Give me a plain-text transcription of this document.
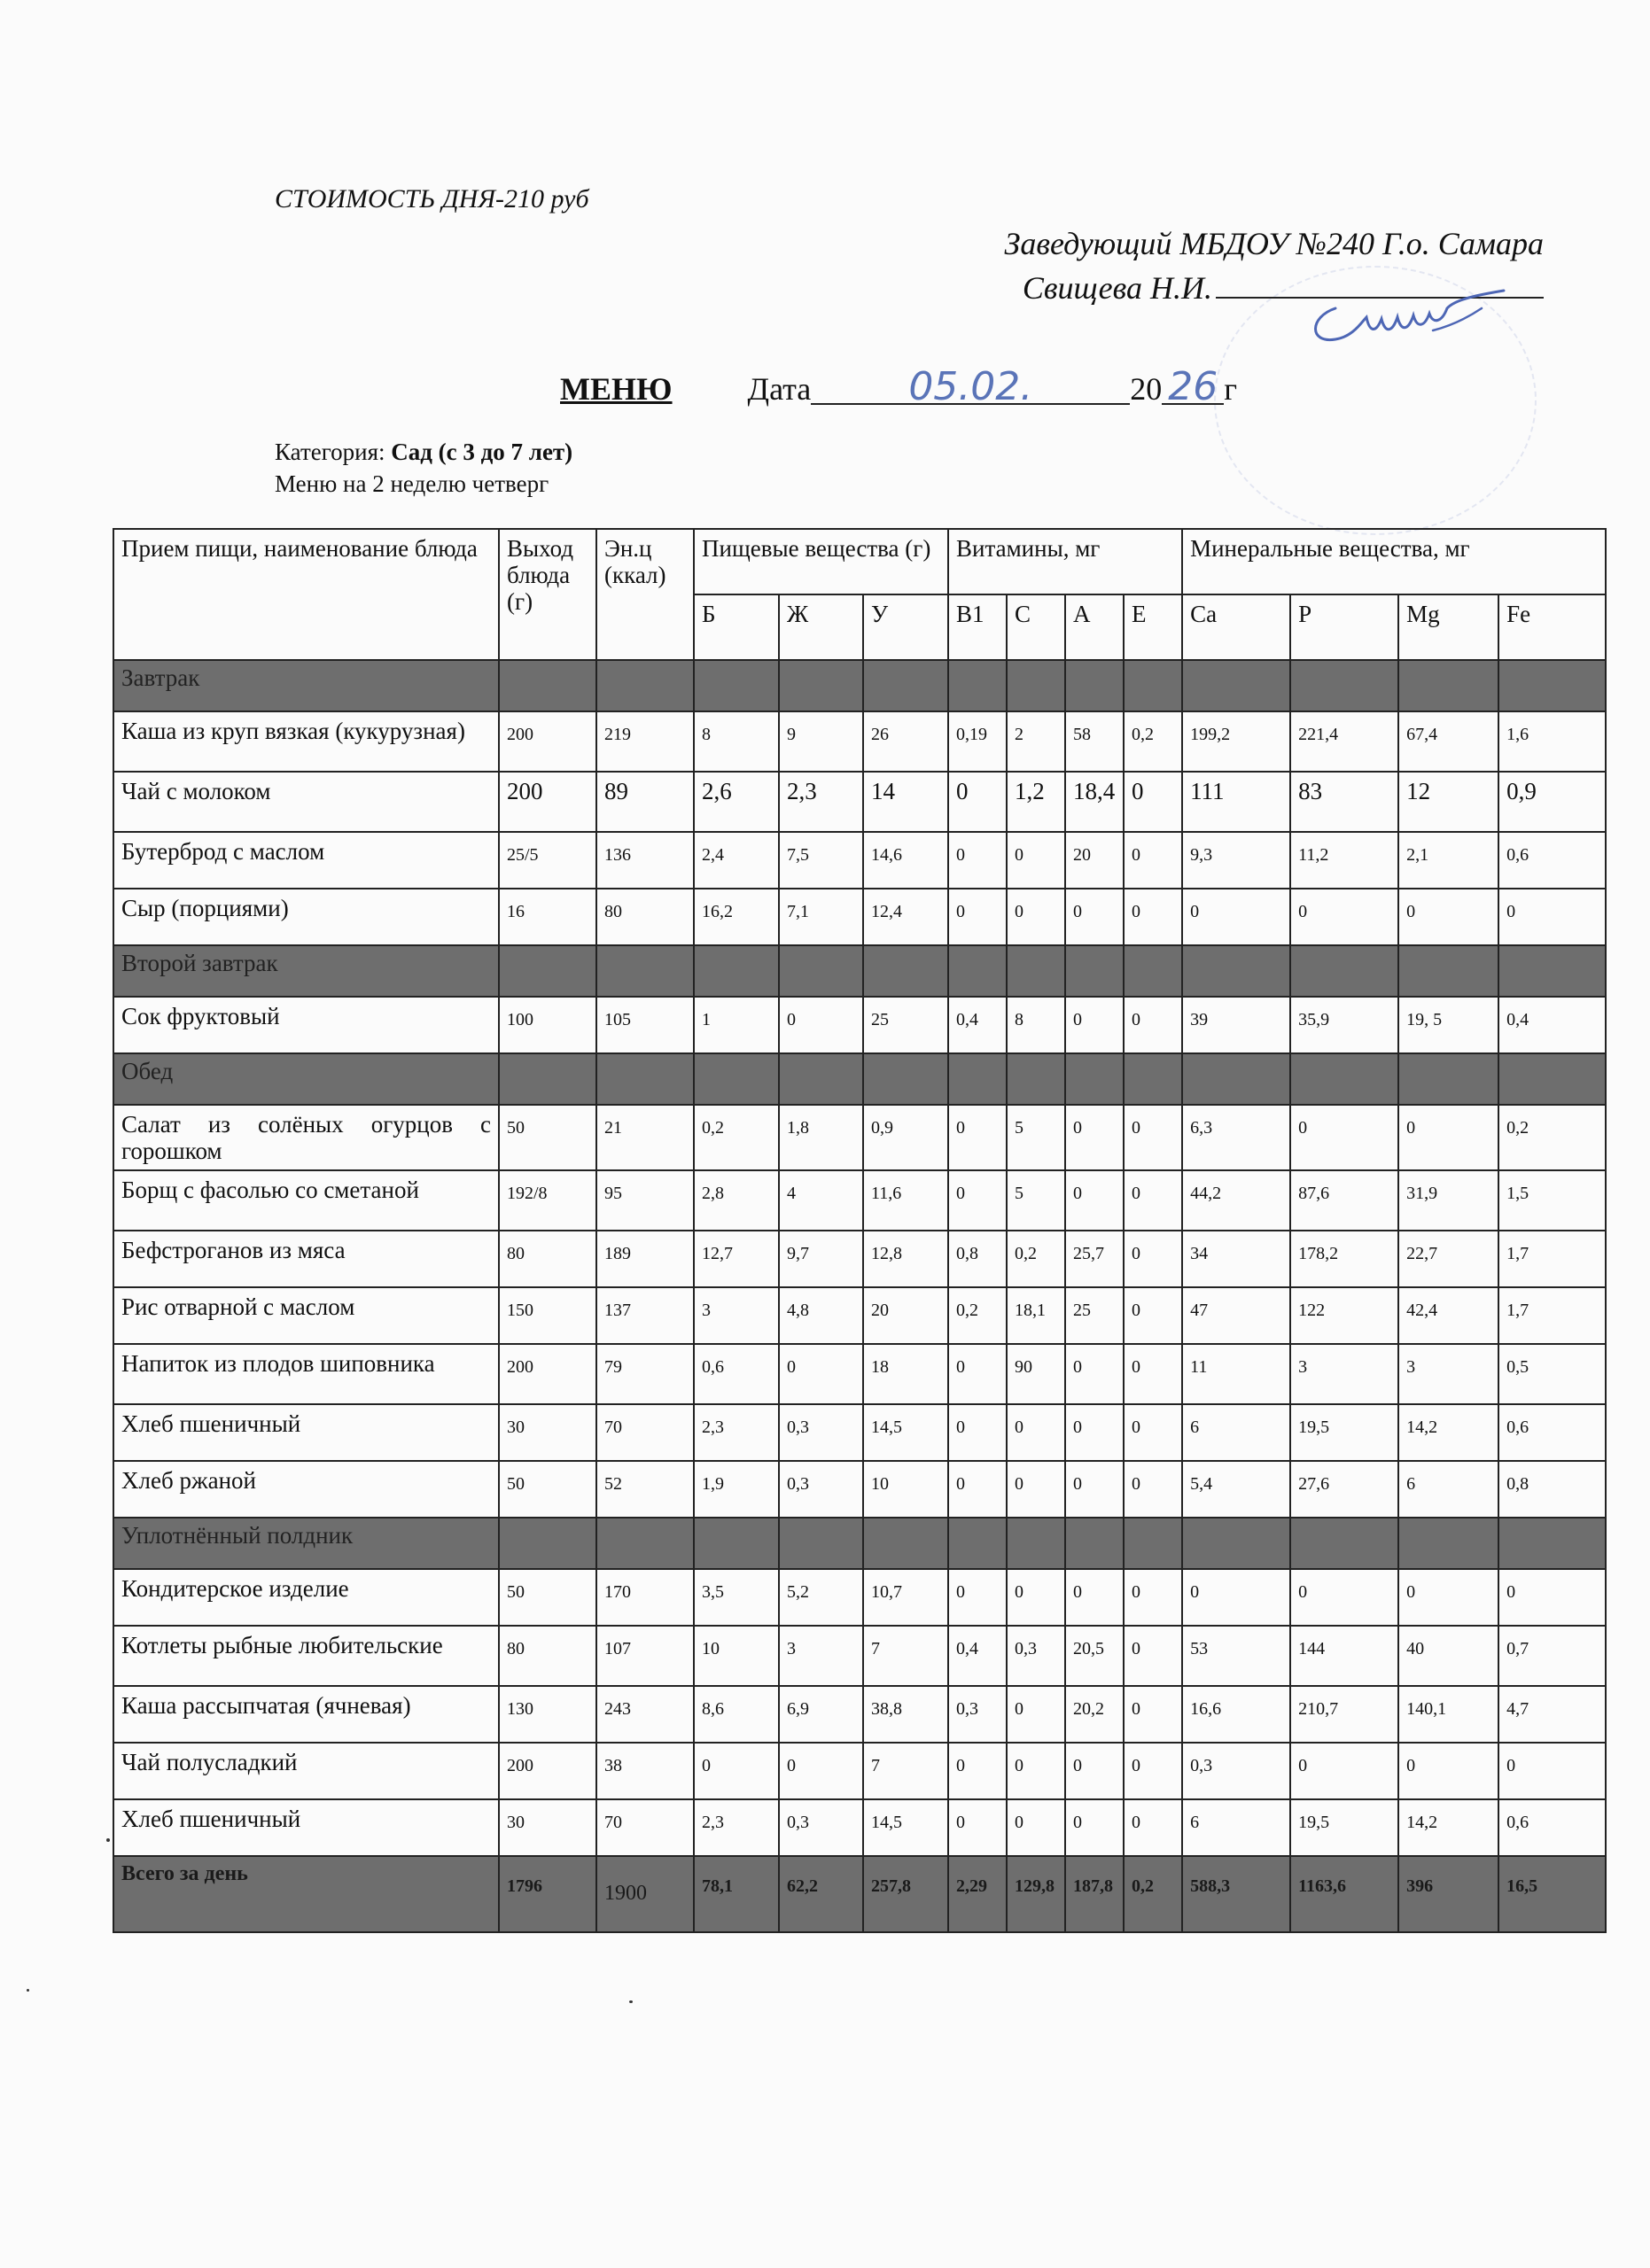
СТОИМОСТЬ ДНЯ-210 руб
Заведующий МБДОУ №240 Г.о. Самара
Свищева Н.И.
МЕНЮ Дата	05.02.	20 26 г
Категория: Сад (с 3 до 7 лет)
Меню на 2 неделю четверг
Прием пищи, наименование блюда	Выход блюда (г)	Эн.ц (ккал)	Пищевые вещества (г)			Витамины, мг				Минеральные вещества, мг			
			Б	Ж	У	В1	С	А	Е	Са	Р	Мg	Fe
Завтрак													
Каша из круп вязкая (кукурузная)	200	219	8	9	26	0,19	2	58	0,2	199,2	221,4	67,4	1,6
Чай с молоком	200	89	2,6	2,3	14	0	1,2	18,4	0	111	83	12	0,9
Бутерброд с маслом	25/5	136	2,4	7,5	14,6	0	0	20	0	9,3	11,2	2,1	0,6
Сыр (порциями)	16	80	16,2	7,1	12,4	0	0	0	0	0	0	0	0
Второй завтрак													
Сок фруктовый	100	105	1	0	25	0,4	8	0	0	39	35,9	19, 5	0,4
Обед													
Салат из солёных огурцов с горошком	50	21	0,2	1,8	0,9	0	5	0	0	6,3	0	0	0,2
Борщ с фасолью со сметаной	192/8	95	2,8	4	11,6	0	5	0	0	44,2	87,6	31,9	1,5
Бефстроганов из мяса	80	189	12,7	9,7	12,8	0,8	0,2	25,7	0	34	178,2	22,7	1,7
Рис отварной с маслом	150	137	3	4,8	20	0,2	18,1	25	0	47	122	42,4	1,7
Напиток из плодов шиповника	200	79	0,6	0	18	0	90	0	0	11	3	3	0,5
Хлеб пшеничный	30	70	2,3	0,3	14,5	0	0	0	0	6	19,5	14,2	0,6
Хлеб ржаной	50	52	1,9	0,3	10	0	0	0	0	5,4	27,6	6	0,8
Уплотнённый полдник													
Кондитерское изделие	50	170	3,5	5,2	10,7	0	0	0	0	0	0	0	0
Котлеты рыбные любительские	80	107	10	3	7	0,4	0,3	20,5	0	53	144	40	0,7
Каша рассыпчатая (ячневая)	130	243	8,6	6,9	38,8	0,3	0	20,2	0	16,6	210,7	140,1	4,7
Чай полусладкий	200	38	0	0	7	0	0	0	0	0,3	0	0	0
Хлеб пшеничный	30	70	2,3	0,3	14,5	0	0	0	0	6	19,5	14,2	0,6
Всего за день	1796	1900	78,1	62,2	257,8	2,29	129,8	187,8	0,2	588,3	1163,6	396	16,5
